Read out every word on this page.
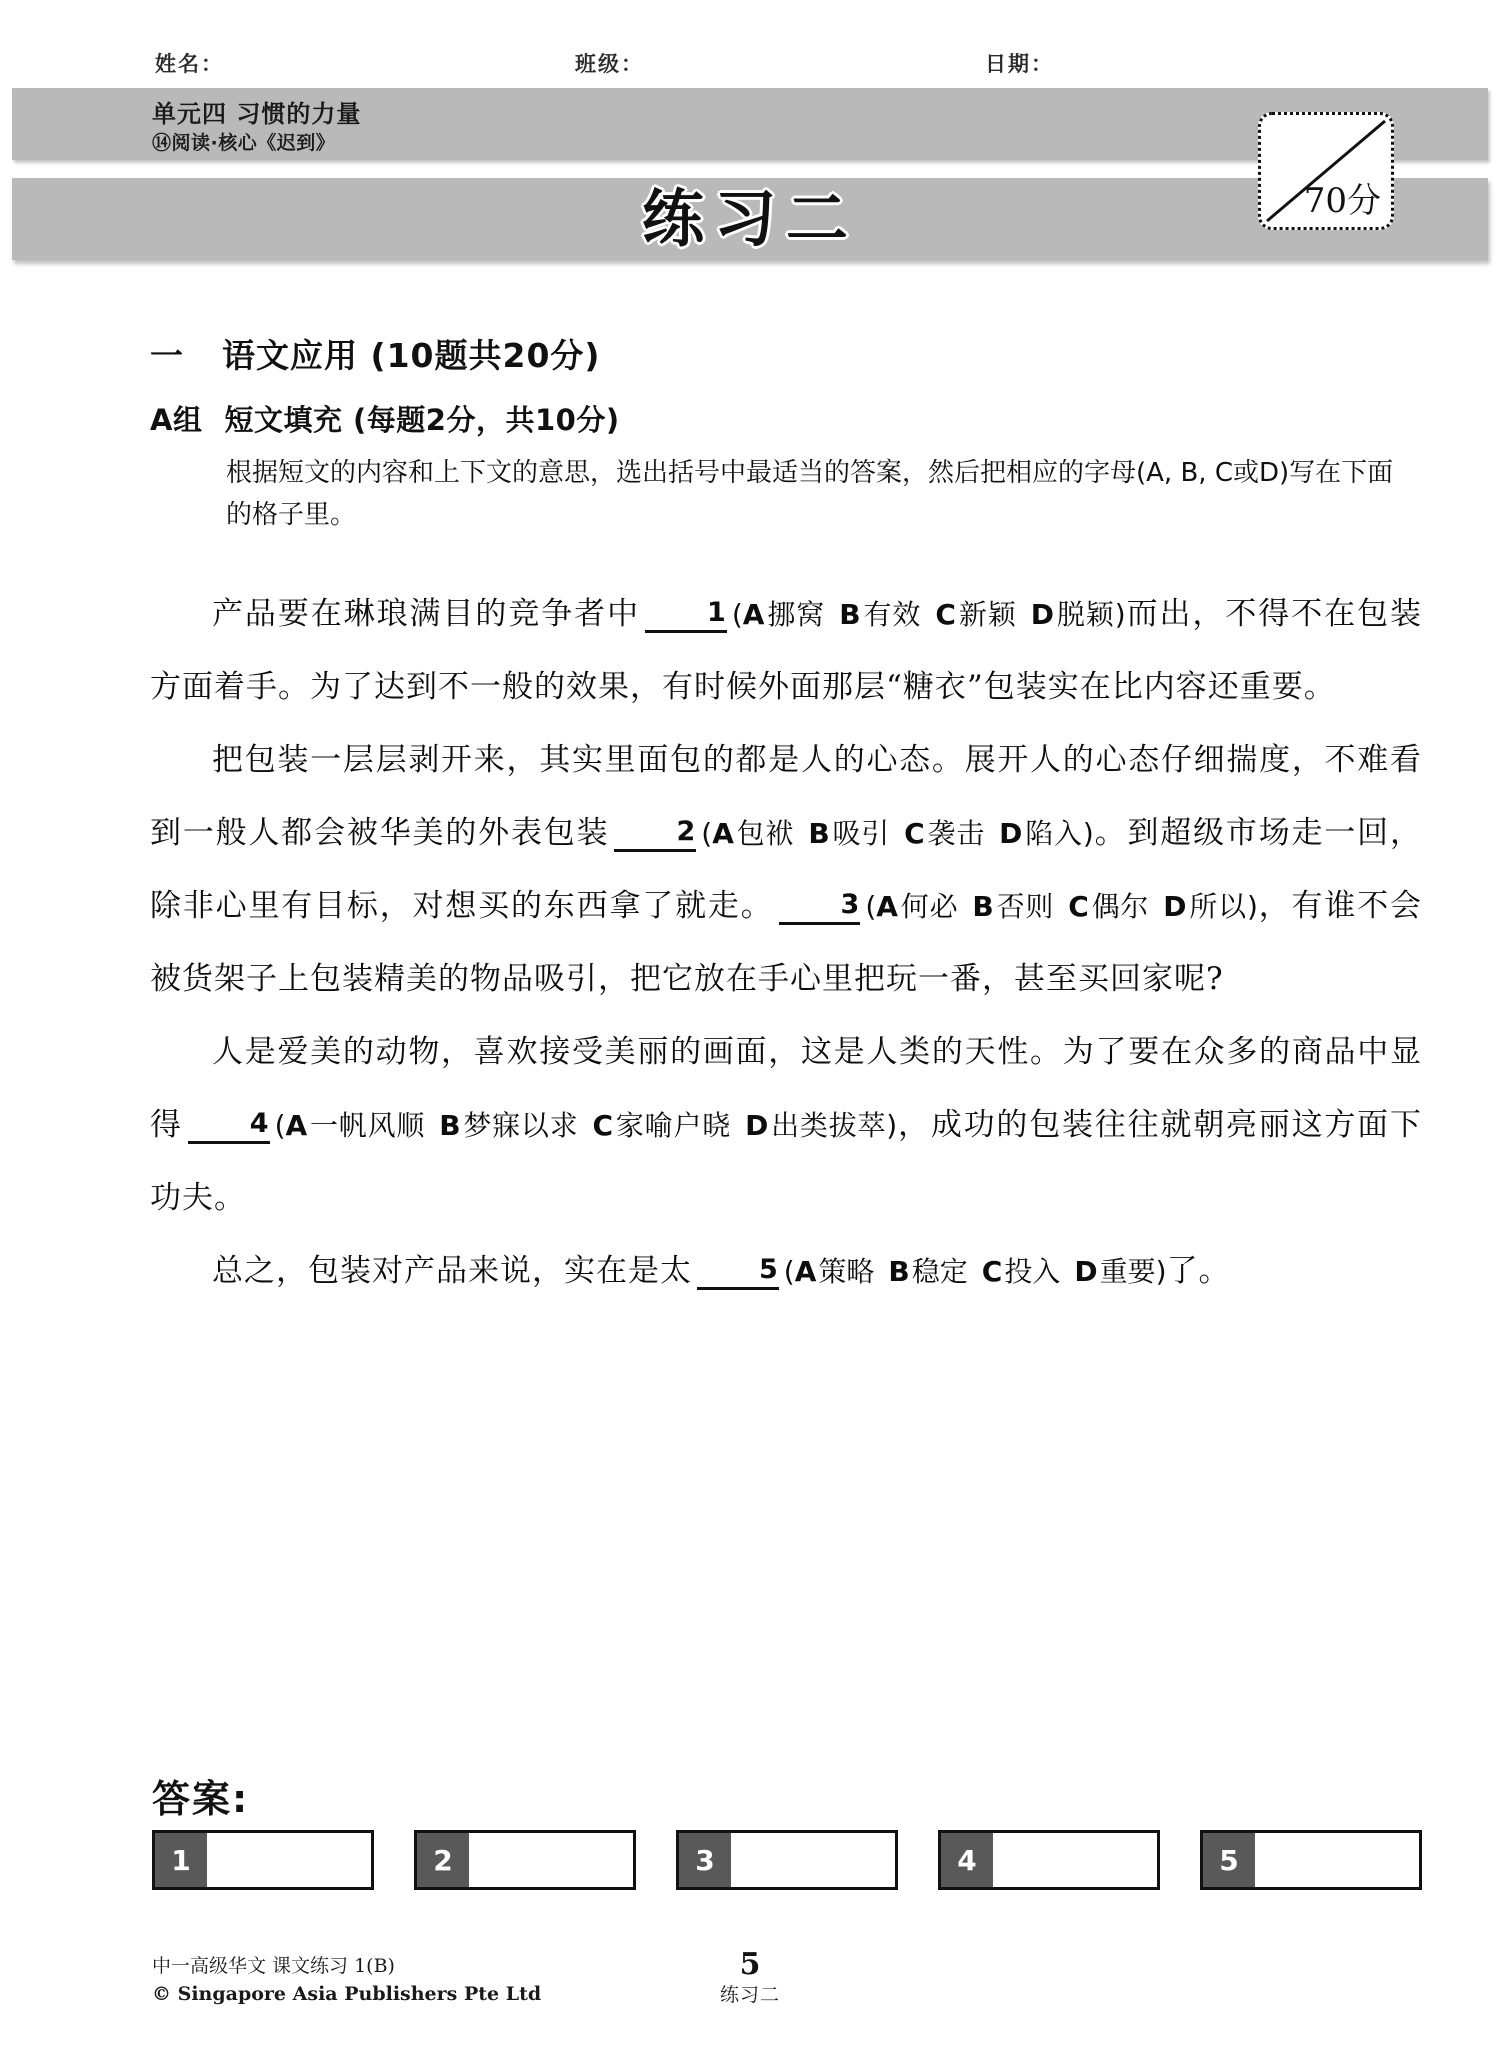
姓名：	班级：	日期：
单元四 习惯的力量
⑭阅读·核心《迟到》
练习二	70分
一 语文应用 (10题共20分)
A组 短文填充 (每题2分，共10分)
根据短文的内容和上下文的意思，选出括号中最适当的答案，然后把相应的字母(A, B, C或D)写在下面的格子里。

产品要在琳琅满目的竞争者中 1 (A挪窝 B有效 C新颖 D脱颖)而出，不得不在包装方面着手。为了达到不一般的效果，有时候外面那层“糖衣”包装实在比内容还重要。

把包装一层层剥开来，其实里面包的都是人的心态。展开人的心态仔细揣度，不难看到一般人都会被华美的外表包装 2 (A包袱 B吸引 C袭击 D陷入)。到超级市场走一回，除非心里有目标，对想买的东西拿了就走。 3 (A何必 B否则 C偶尔 D所以)，有谁不会被货架子上包装精美的物品吸引，把它放在手心里把玩一番，甚至买回家呢?

人是爱美的动物，喜欢接受美丽的画面，这是人类的天性。为了要在众多的商品中显得 4 (A一帆风顺 B梦寐以求 C家喻户晓 D出类拔萃)，成功的包装往往就朝亮丽这方面下功夫。

总之，包装对产品来说，实在是太 5 (A策略 B稳定 C投入 D重要)了。

答案:
1	2	3	4	5
中一高级华文 课文练习 1(B)
© Singapore Asia Publishers Pte Ltd
5
练习二
